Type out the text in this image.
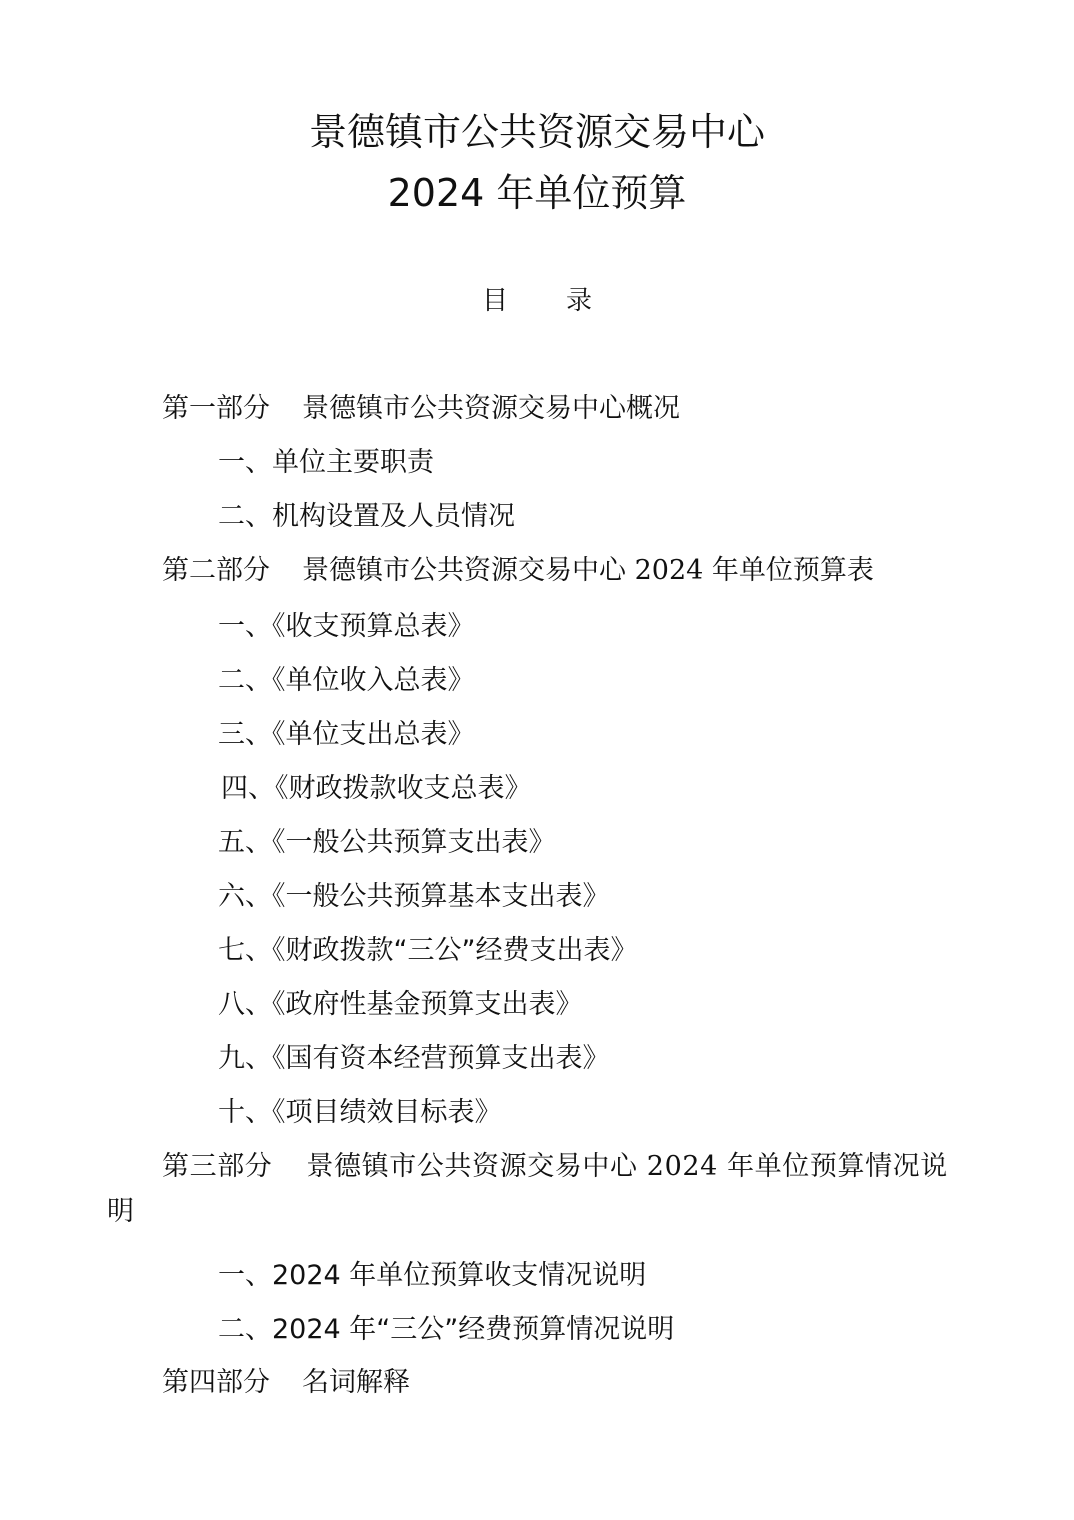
景德镇市公共资源交易中心
2024 年单位预算
目 录
第一部分 景德镇市公共资源交易中心概况
一、单位主要职责
二、机构设置及人员情况
第二部分 景德镇市公共资源交易中心 2024 年单位预算表
一、《收支预算总表》
二、《单位收入总表》
三、《单位支出总表》
四、《财政拨款收支总表》
五、《一般公共预算支出表》
六、《一般公共预算基本支出表》
七、《财政拨款“三公”经费支出表》
八、《政府性基金预算支出表》
九、《国有资本经营预算支出表》
十、《项目绩效目标表》
第三部分 景德镇市公共资源交易中心 2024 年单位预算情况说
明
一、2024 年单位预算收支情况说明
二、2024 年“三公”经费预算情况说明
第四部分 名词解释
